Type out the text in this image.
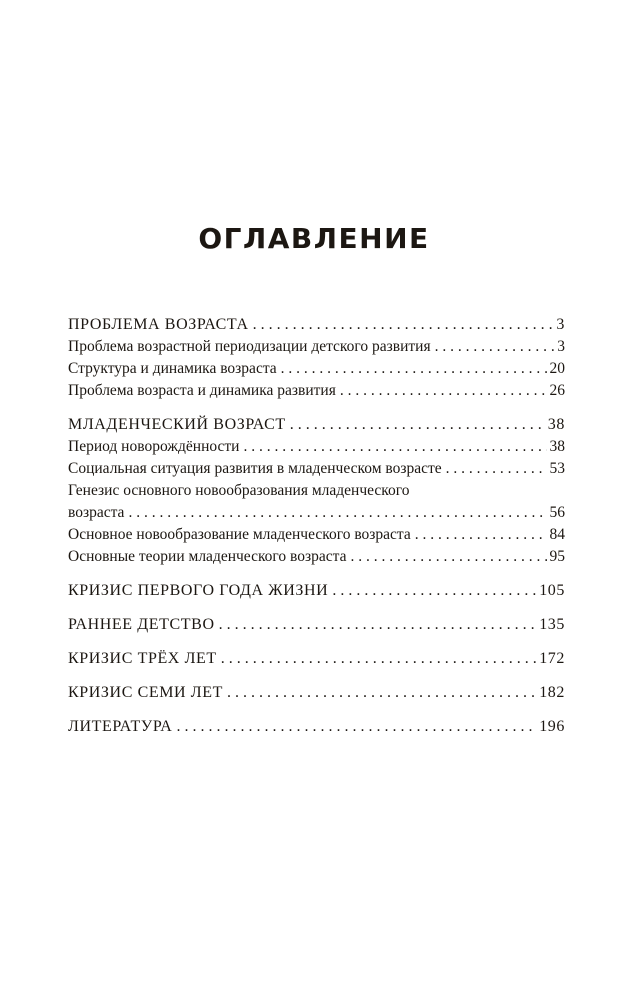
ОГЛАВЛЕНИЕ
ПРОБЛЕМА ВОЗРАСТА . . .	3
Проблема возрастной периодизации детского развития . . .	3
Структура и динамика возраста . . .	20
Проблема возраста и динамика развития . . .	26
МЛАДЕНЧЕСКИЙ ВОЗРАСТ . . .	38
Период новорождённости . . .	38
Социальная ситуация развития в младенческом возрасте . . .	53
Генезис основного новообразования младенческого
возраста . . .	56
Основное новообразование младенческого возраста . . .	84
Основные теории младенческого возраста . . .	95
КРИЗИС ПЕРВОГО ГОДА ЖИЗНИ . . .	105
РАННЕЕ ДЕТСТВО . . .	135
КРИЗИС ТРЁХ ЛЕТ . . .	172
КРИЗИС СЕМИ ЛЕТ . . .	182
ЛИТЕРАТУРА . . .	196
